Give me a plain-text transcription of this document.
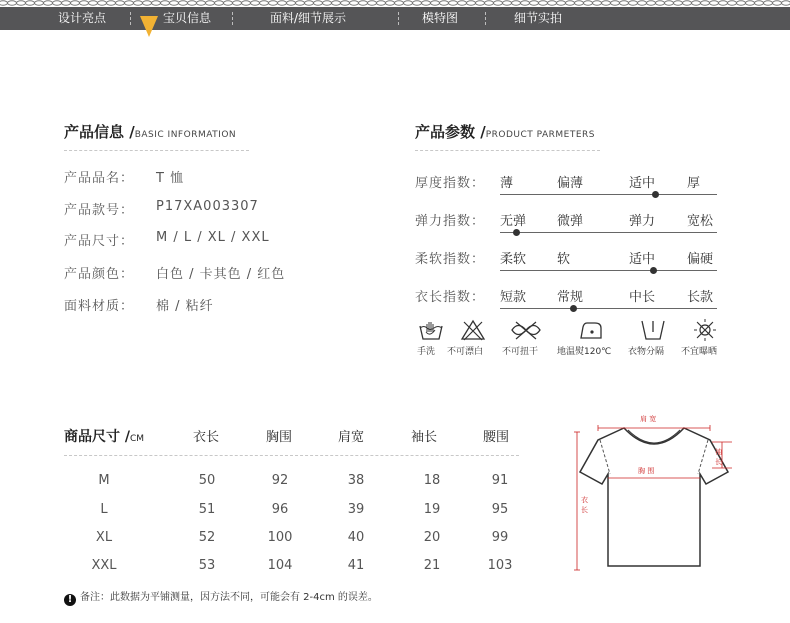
设计亮点	宝贝信息	面料/细节展示	模特图	细节实拍
产品信息 /BASIC INFORMATION
产品品名： T 恤
产品款号： P17XA003307
产品尺寸： M / L / XL / XXL
产品颜色： 白色 / 卡其色 / 红色
面料材质： 棉 / 粘纤
产品参数 /PRODUCT PARMETERS
厚度指数： 薄	偏薄	适中 厚
弹力指数： 无弹 微弹	弹力 宽松
柔软指数： 柔软 软	适中 偏硬
衣长指数： 短款 常规	中长 长款
手洗 不可漂白 不可扭干 地温熨120℃ 衣物分隔 不宜曝晒
商品尺寸 /CM	衣长	胸围	肩宽	袖长	腰围
M	50	92	38	18	91
L	51	96	39	19	95
XL	52	100	40	20	99
XXL	53	104	41	21	103
肩 宽
袖
长
胸 围
衣
长
! 备注：此数据为平铺测量，因方法不同，可能会有 2-4cm 的误差。
